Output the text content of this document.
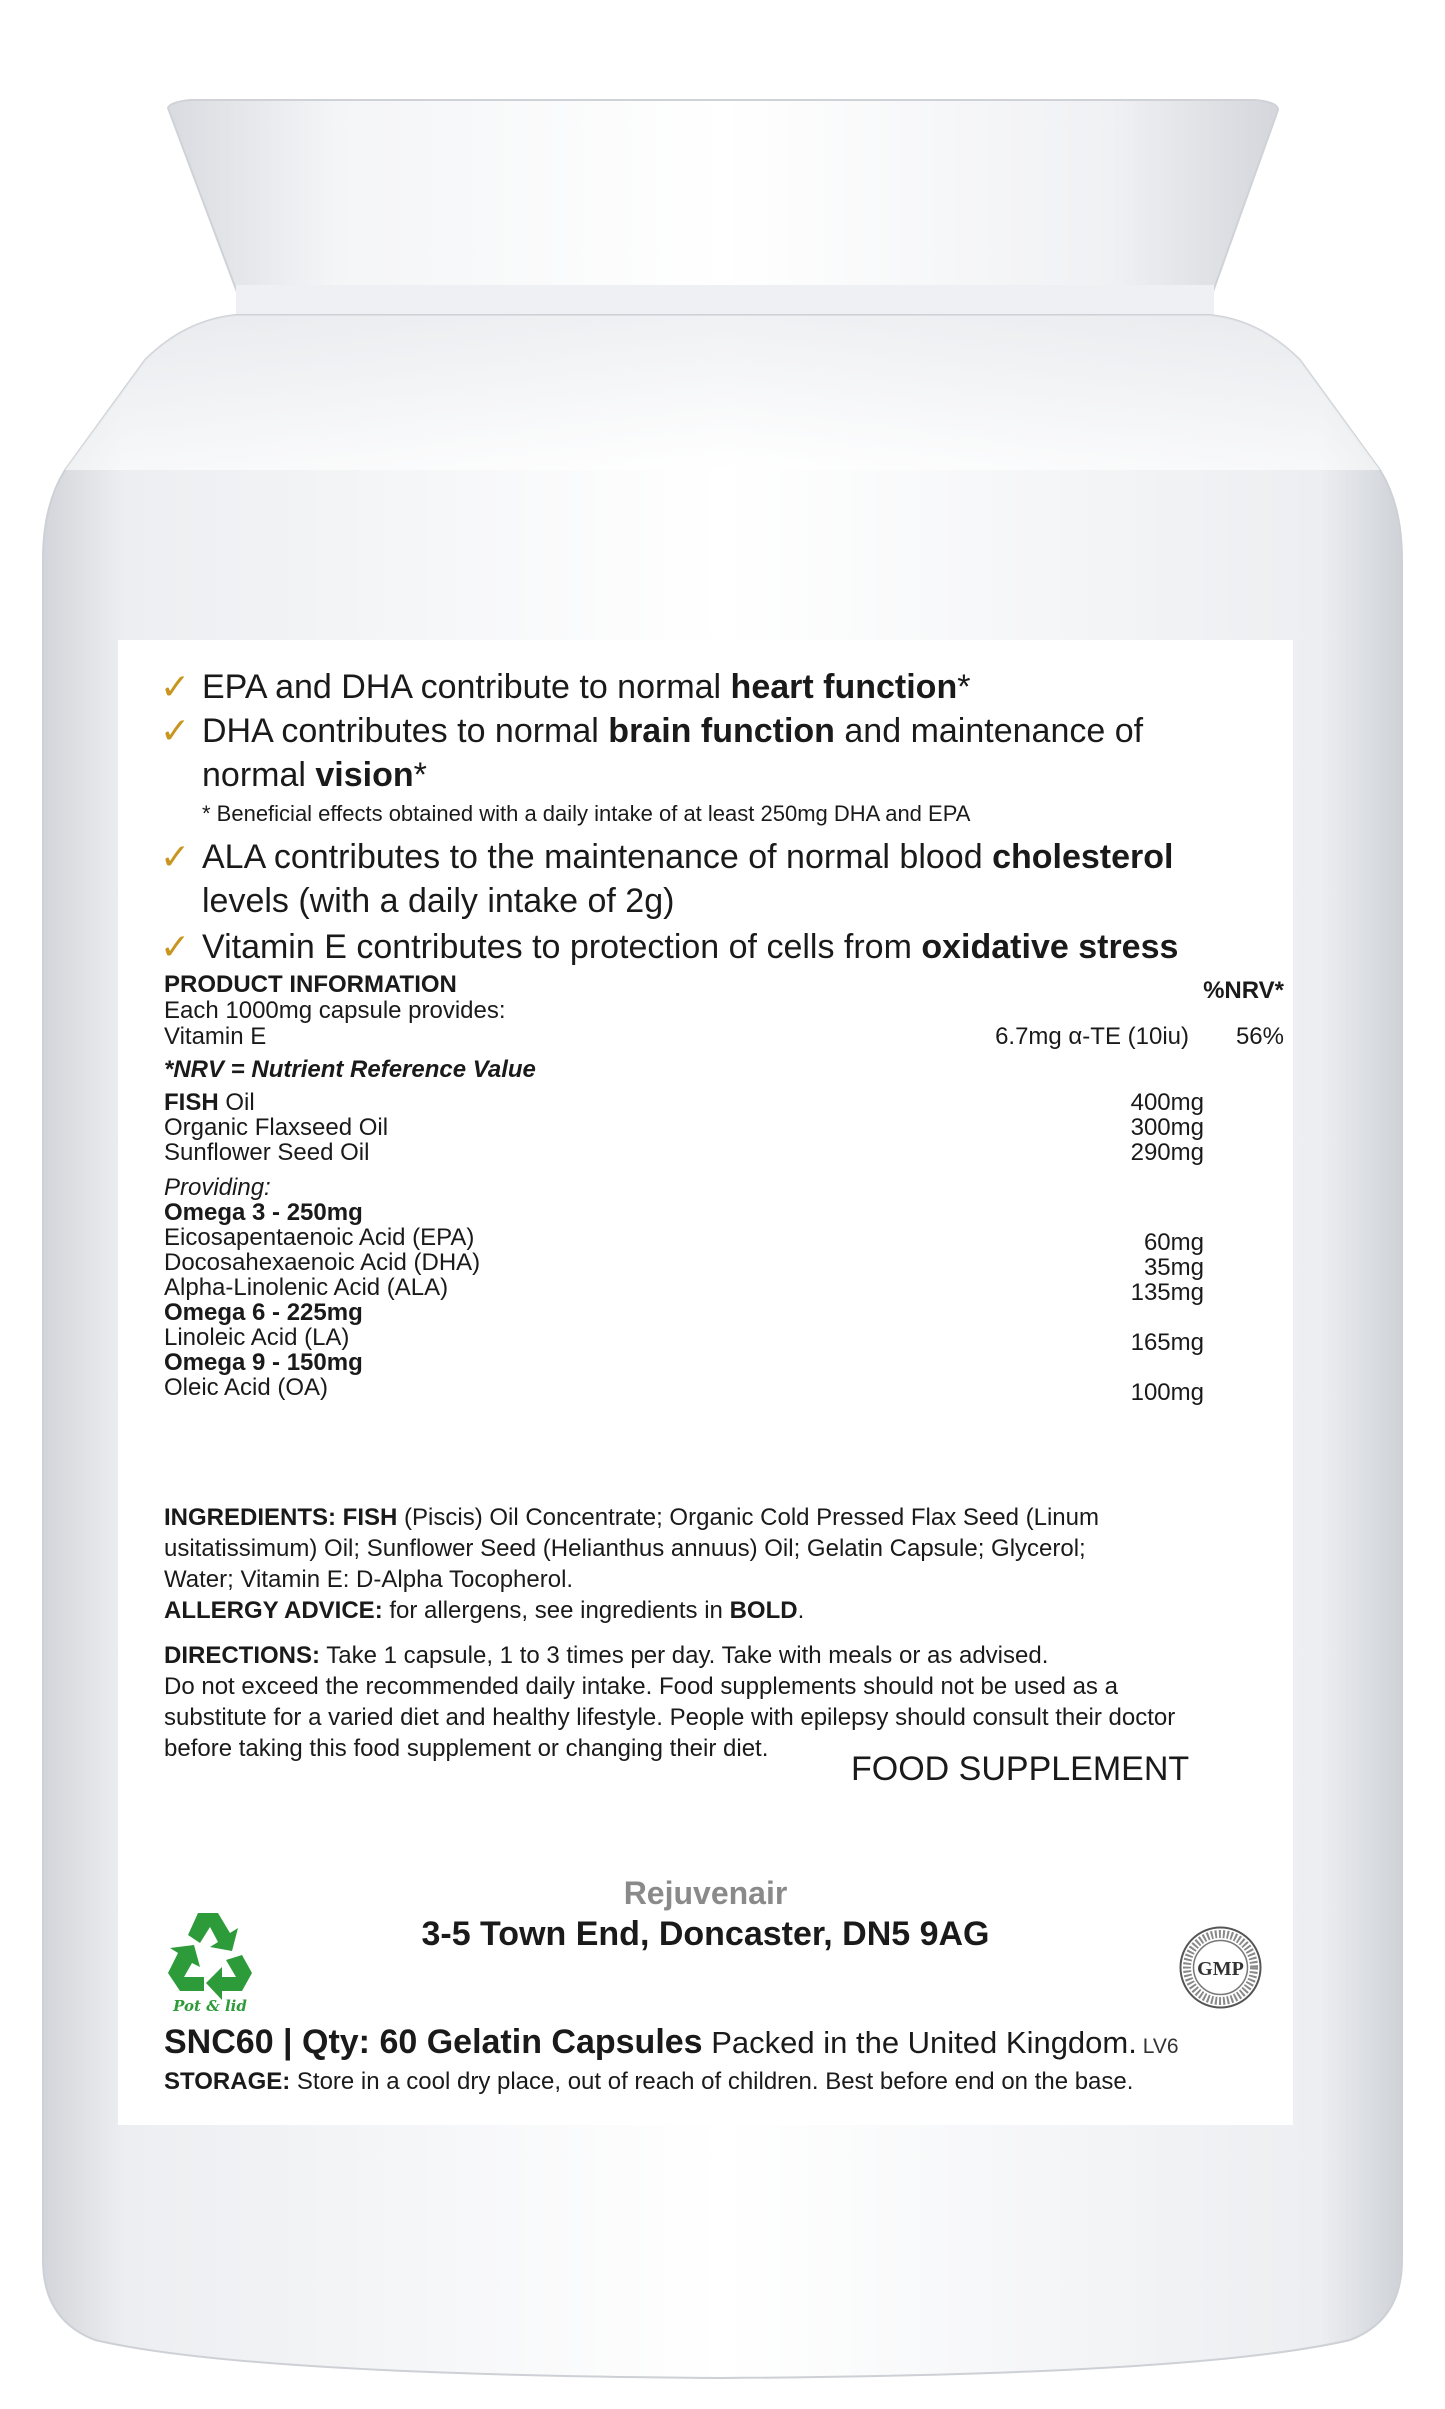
✓ EPA and DHA contribute to normal heart function*
✓ DHA contributes to normal brain function and maintenance of
normal vision*
* Beneficial effects obtained with a daily intake of at least 250mg DHA and EPA
✓ ALA contributes to the maintenance of normal blood cholesterol
levels (with a daily intake of 2g)
✓ Vitamin E contributes to protection of cells from oxidative stress
PRODUCT INFORMATION	%NRV*
Each 1000mg capsule provides:
Vitamin E	6.7mg α-TE (10iu) 56%
*NRV = Nutrient Reference Value
FISH Oil	400mg
Organic Flaxseed Oil	300mg
Sunflower Seed Oil	290mg
Providing:
Omega 3 - 250mg
Eicosapentaenoic Acid (EPA)	60mg
Docosahexaenoic Acid (DHA)	35mg
Alpha-Linolenic Acid (ALA)	135mg
Omega 6 - 225mg
Linoleic Acid (LA)	165mg
Omega 9 - 150mg
Oleic Acid (OA)	100mg
INGREDIENTS: FISH (Piscis) Oil Concentrate; Organic Cold Pressed Flax Seed (Linum
usitatissimum) Oil; Sunflower Seed (Helianthus annuus) Oil; Gelatin Capsule; Glycerol;
Water; Vitamin E: D-Alpha Tocopherol.
ALLERGY ADVICE: for allergens, see ingredients in BOLD.
DIRECTIONS: Take 1 capsule, 1 to 3 times per day. Take with meals or as advised.
Do not exceed the recommended daily intake. Food supplements should not be used as a
substitute for a varied diet and healthy lifestyle. People with epilepsy should consult their doctor
before taking this food supplement or changing their diet.
FOOD SUPPLEMENT
Rejuvenair
3-5 Town End, Doncaster, DN5 9AG
Pot & lid
GMP
SNC60 | Qty: 60 Gelatin Capsules Packed in the United Kingdom. LV6
STORAGE: Store in a cool dry place, out of reach of children. Best before end on the base.
